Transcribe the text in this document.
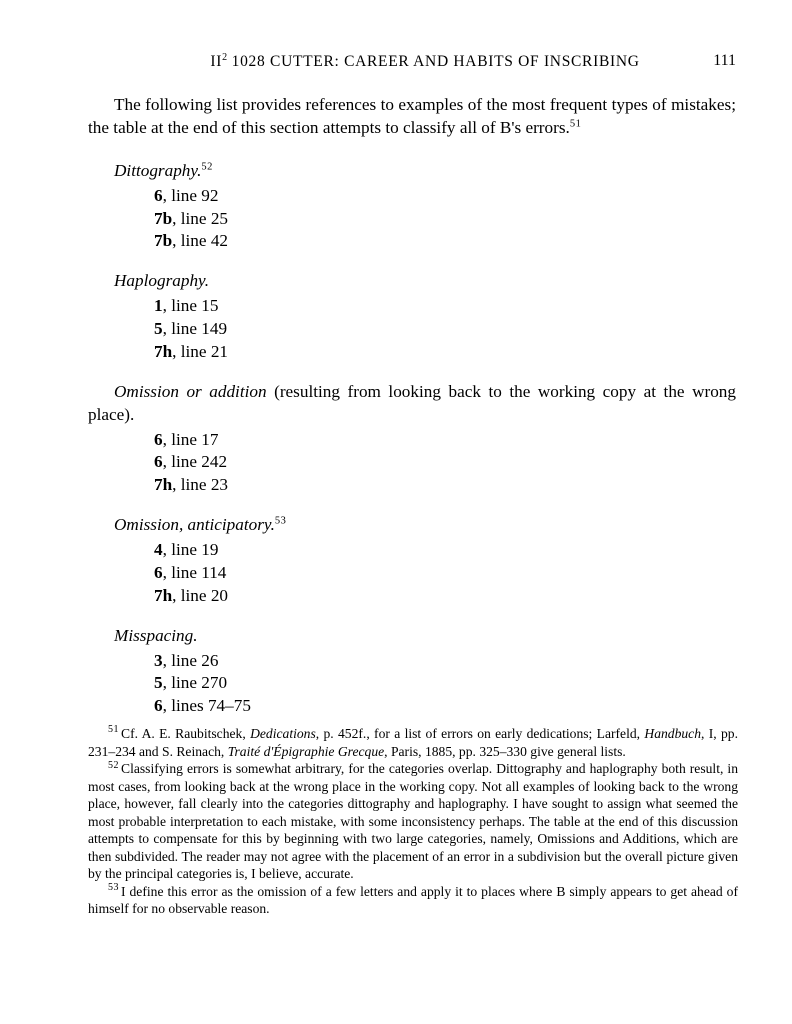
$II^2$ 1028 CUTTER: CAREER AND HABITS OF INSCRIBING	111

The following list provides references to examples of the most frequent types of mistakes; the table at the end of this section attempts to classify all of B's errors.$^{51}$

Dittography.$^{52}$
6, line 92
7b, line 25
7b, line 42
Haplography.
1, line 15
5, line 149
7h, line 21
Omission or addition (resulting from looking back to the working copy at the wrong place).
6, line 17
6, line 242
7h, line 23
Omission, anticipatory.$^{53}$
4, line 19
6, line 114
7h, line 20
Misspacing.
3, line 26
5, line 270
6, lines 74–75

$^{51}$ Cf. A. E. Raubitschek, Dedications, p. 452f., for a list of errors on early dedications; Larfeld, Handbuch, I, pp. 231–234 and S. Reinach, Traité d'Épigraphie Grecque, Paris, 1885, pp. 325–330 give general lists.

$^{52}$ Classifying errors is somewhat arbitrary, for the categories overlap. Dittography and haplography both result, in most cases, from looking back at the wrong place in the working copy. Not all examples of looking back to the wrong place, however, fall clearly into the categories dittography and haplography. I have sought to assign what seemed the most probable interpretation to each mistake, with some inconsistency perhaps. The table at the end of this discussion attempts to compensate for this by beginning with two large categories, namely, Omissions and Additions, which are then subdivided. The reader may not agree with the placement of an error in a subdivision but the overall picture given by the principal categories is, I believe, accurate.

$^{53}$ I define this error as the omission of a few letters and apply it to places where B simply appears to get ahead of himself for no observable reason.
